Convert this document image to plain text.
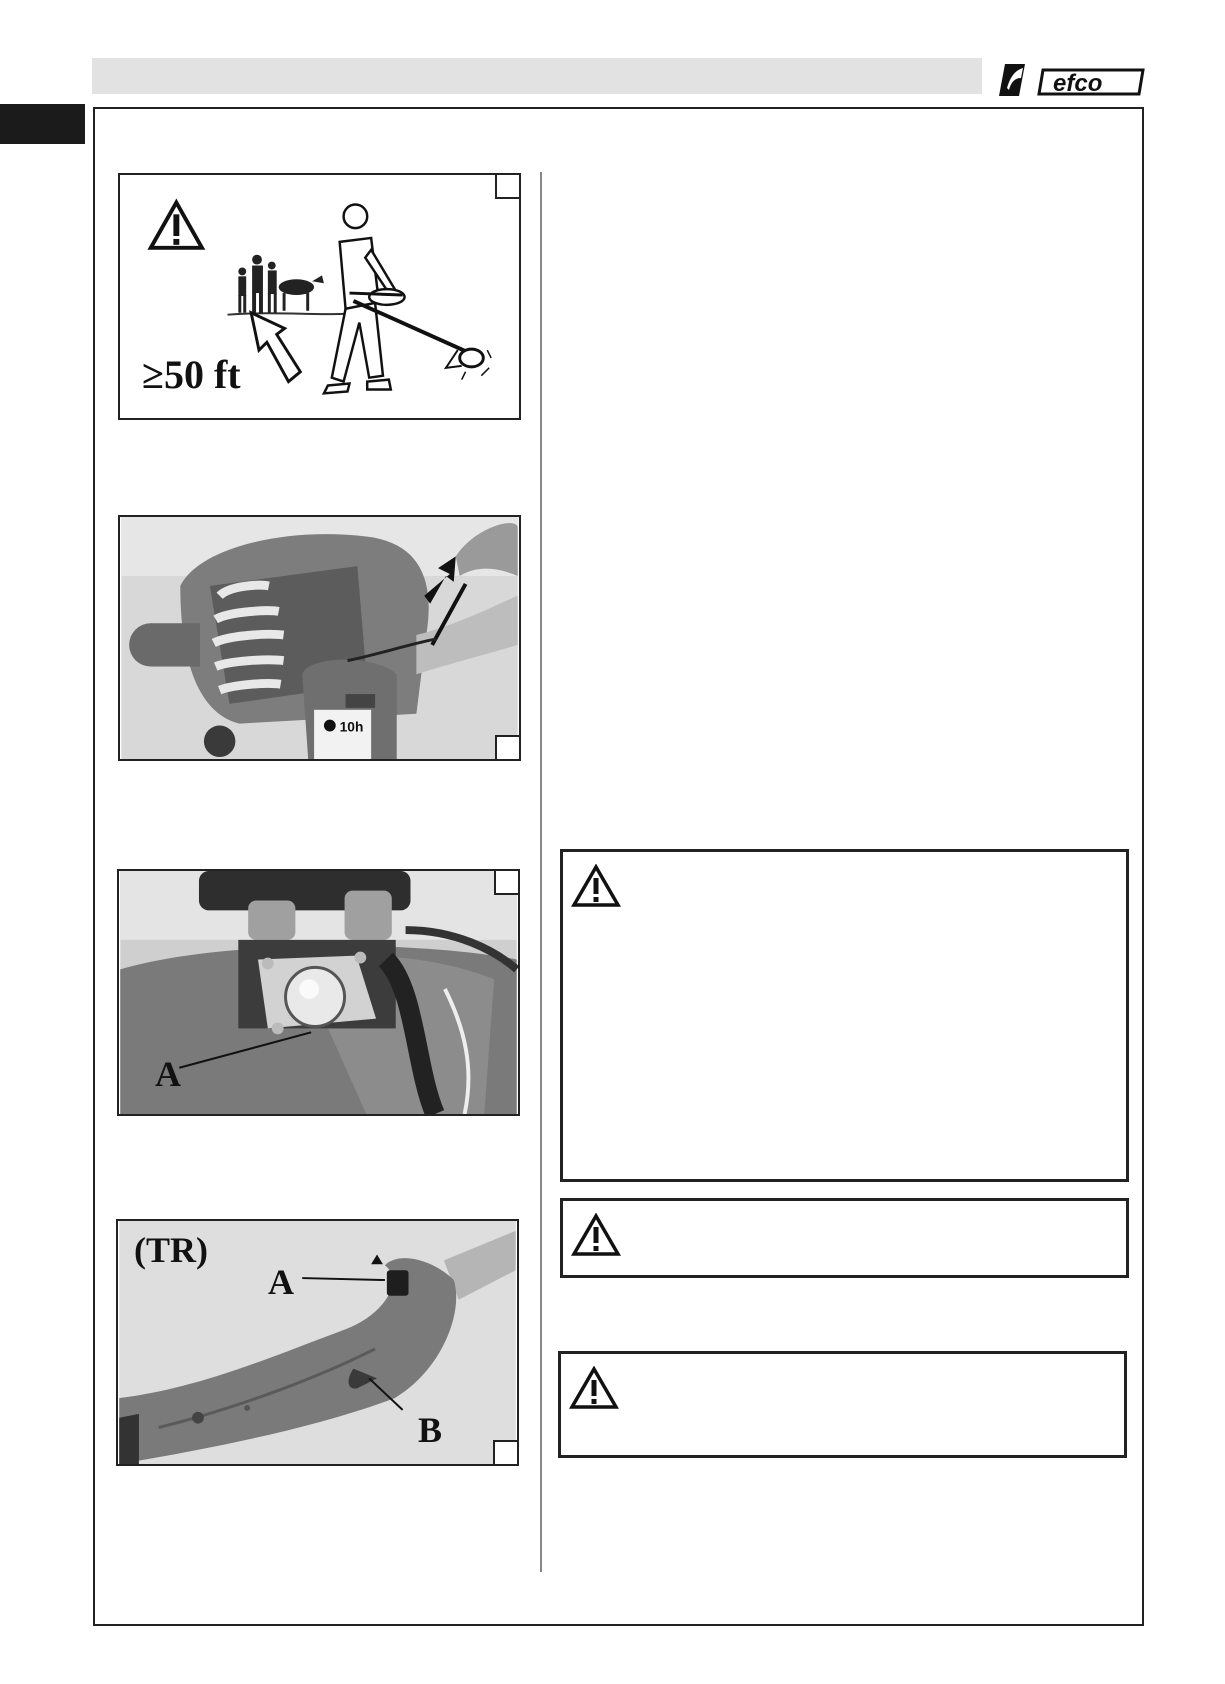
efco
≥50 ft
10h
A
(TR)
A
B
